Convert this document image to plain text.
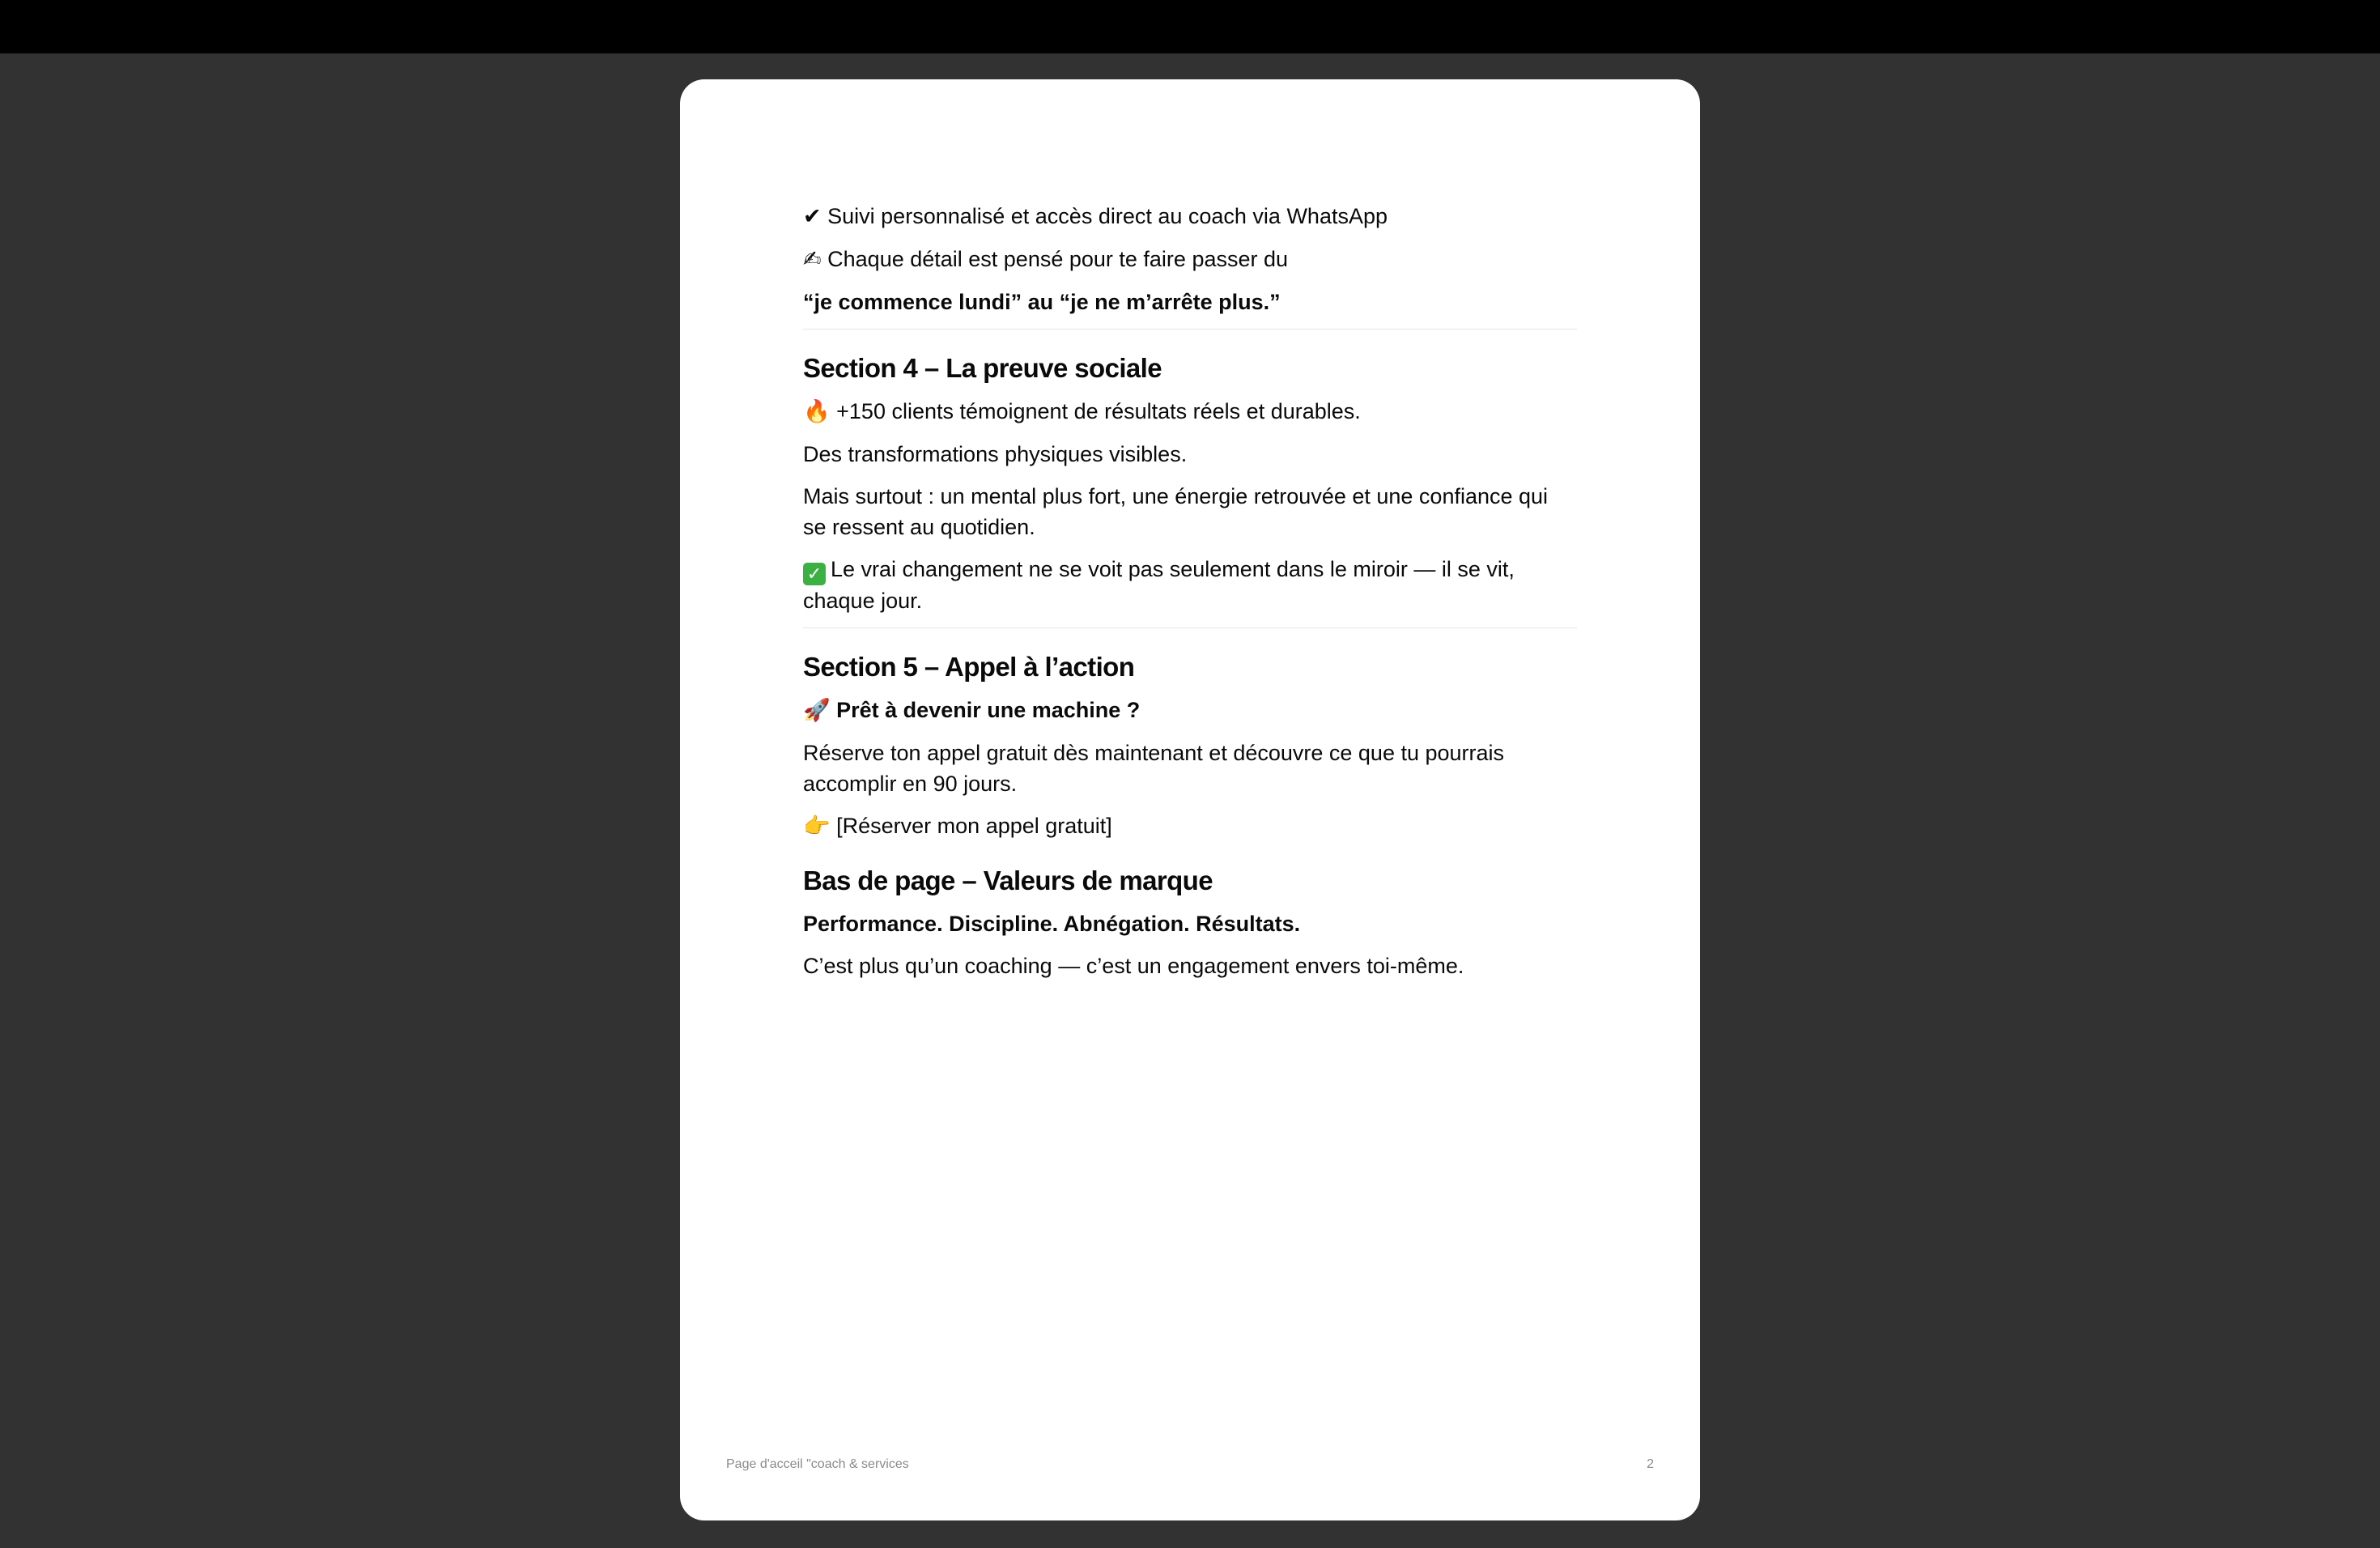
✔ Suivi personnalisé et accès direct au coach via WhatsApp

✍ Chaque détail est pensé pour te faire passer du

“je commence lundi” au “je ne m’arrête plus.”

Section 4 – La preuve sociale

🔥 +150 clients témoignent de résultats réels et durables.

Des transformations physiques visibles.

Mais surtout : un mental plus fort, une énergie retrouvée et une confiance qui se ressent au quotidien.

✓ Le vrai changement ne se voit pas seulement dans le miroir — il se vit, chaque jour.

Section 5 – Appel à l’action

🚀 Prêt à devenir une machine ?

Réserve ton appel gratuit dès maintenant et découvre ce que tu pourrais accomplir en 90 jours.

👉 [Réserver mon appel gratuit]

Bas de page – Valeurs de marque

Performance. Discipline. Abnégation. Résultats.

C’est plus qu’un coaching — c’est un engagement envers toi-même.

Page d'acceil "coach & services	2
